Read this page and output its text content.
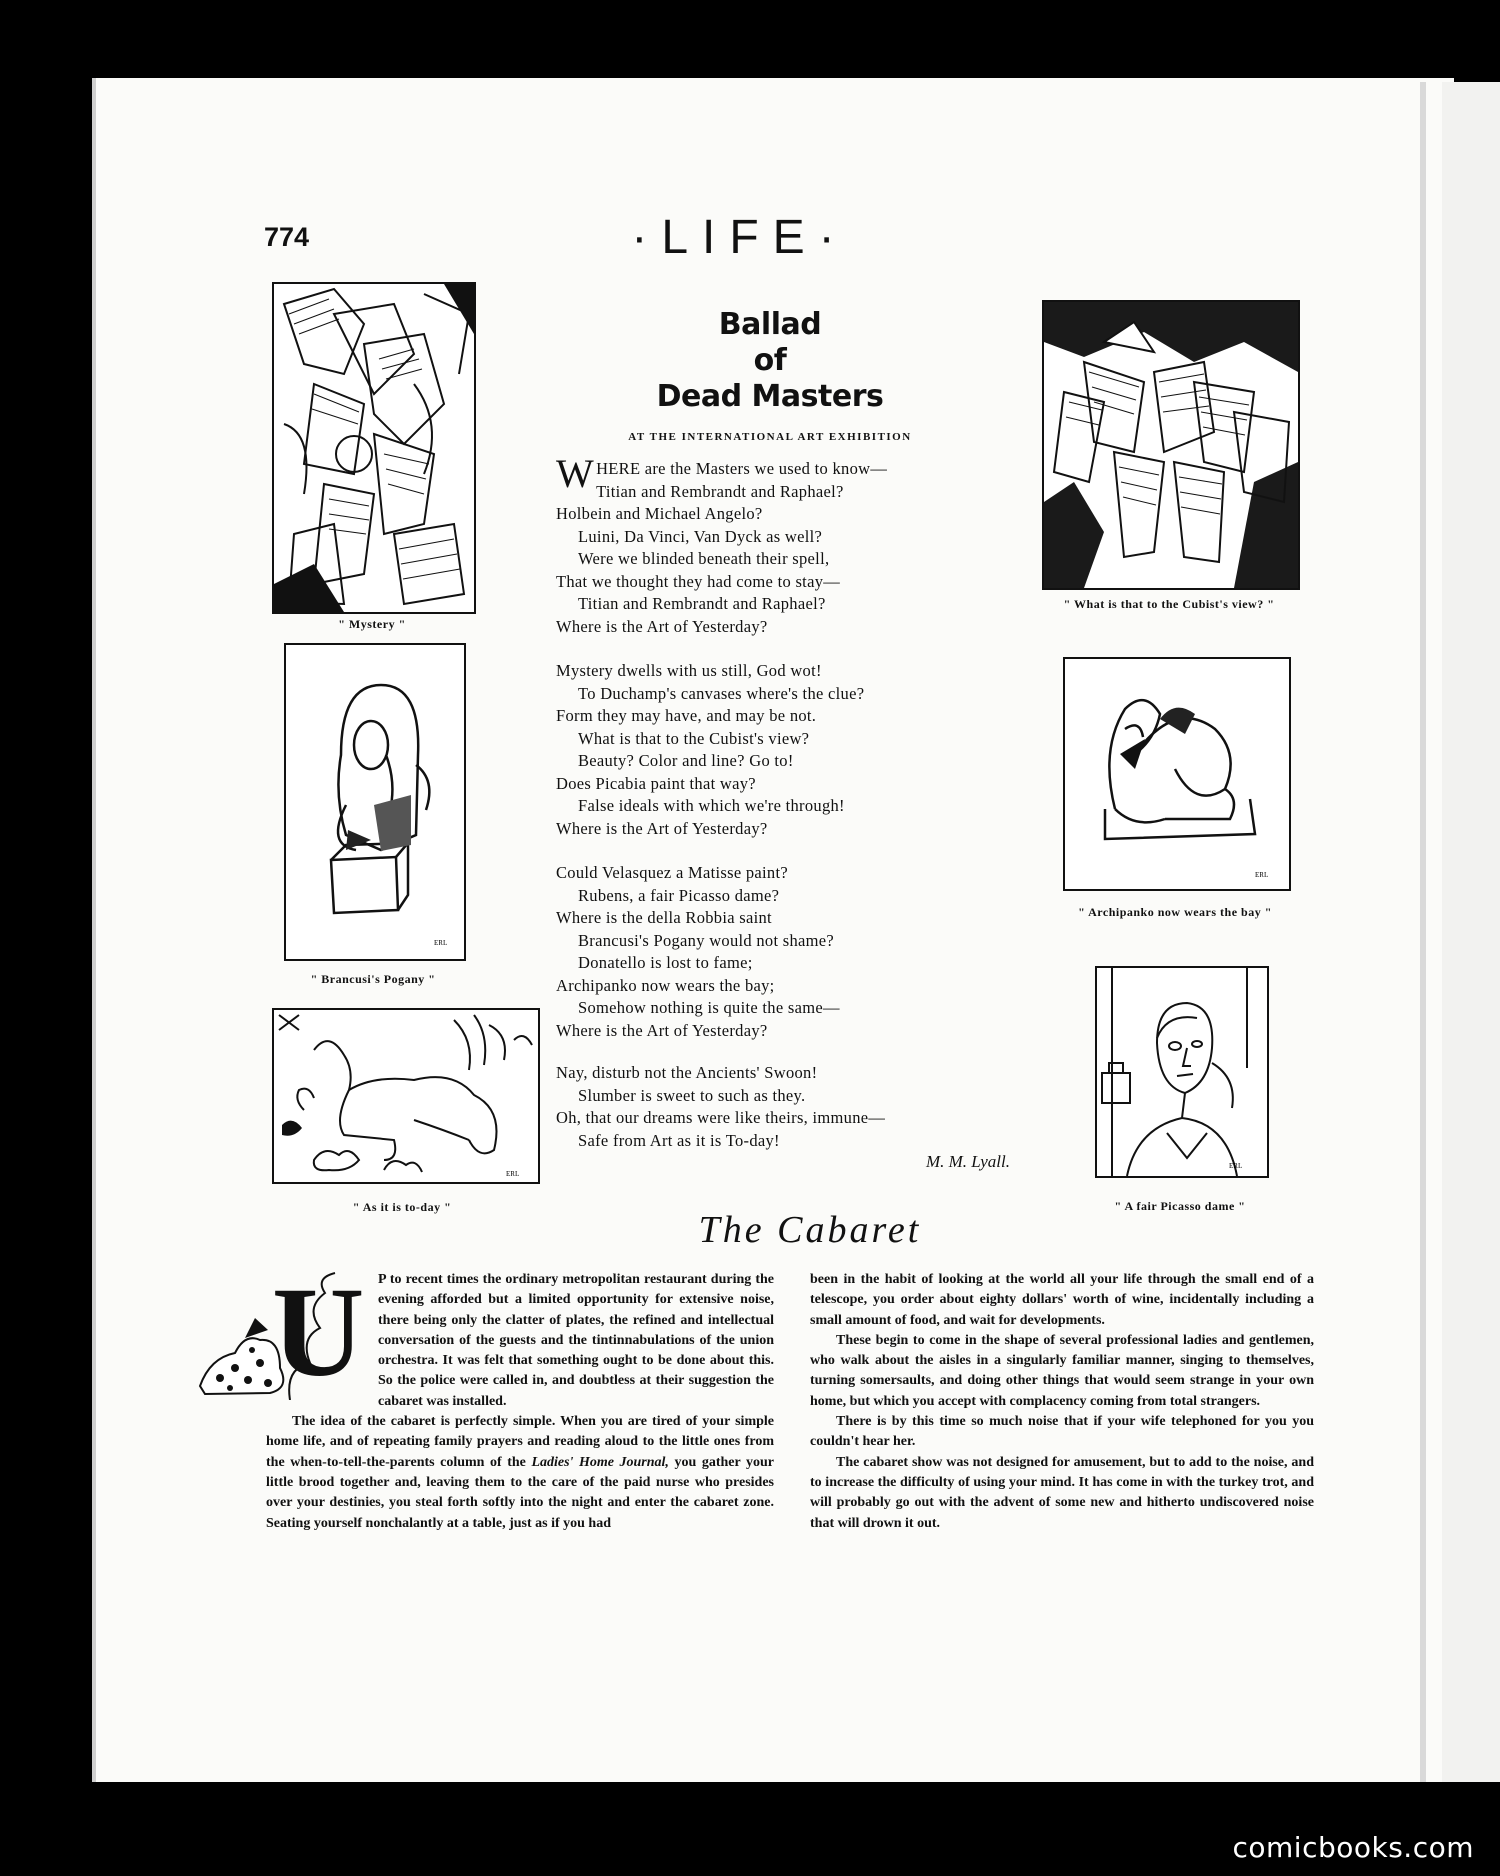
774	·LIFE·
Ballad
of
Dead Masters
AT THE INTERNATIONAL ART EXHIBITION
WHERE are the Masters we used to know—
Titian and Rembrandt and Raphael?
Holbein and Michael Angelo?
Luini, Da Vinci, Van Dyck as well?
Were we blinded beneath their spell,
That we thought they had come to stay—
Titian and Rembrandt and Raphael?
Where is the Art of Yesterday?
Mystery dwells with us still, God wot!
To Duchamp's canvases where's the clue?
Form they may have, and may be not.
What is that to the Cubist's view?
Beauty? Color and line? Go to!
Does Picabia paint that way?
False ideals with which we're through!
Where is the Art of Yesterday?
Could Velasquez a Matisse paint?
Rubens, a fair Picasso dame?
Where is the della Robbia saint
Brancusi's Pogany would not shame?
Donatello is lost to fame;
Archipanko now wears the bay;
Somehow nothing is quite the same—
Where is the Art of Yesterday?
Nay, disturb not the Ancients' Swoon!
Slumber is sweet to such as they.
Oh, that our dreams were like theirs, immune—
Safe from Art as it is To-day!
M. M. Lyall.
" Mystery "
ERL
" Brancusi's Pogany "
ERL
" As it is to-day "
" What is that to the Cubist's view? "
ERL
" Archipanko now wears the bay "
ERL
" A fair Picasso dame "
The Cabaret
U P to recent times the ordinary metropolitan restaurant during the evening afforded but a limited opportunity for extensive noise, there being only the clatter of plates, the refined and intellectual conversation of the guests and the tintinnabulations of the union orchestra. It was felt that something ought to be done about this. So the police were called in, and doubtless at their suggestion the cabaret was installed.

The idea of the cabaret is perfectly simple. When you are tired of your simple home life, and of repeating family prayers and reading aloud to the little ones from the when-to-tell-the-parents column of the Ladies' Home Journal, you gather your little brood together and, leaving them to the care of the paid nurse who presides over your destinies, you steal forth softly into the night and enter the cabaret zone. Seating yourself nonchalantly at a table, just as if you had

been in the habit of looking at the world all your life through the small end of a telescope, you order about eighty dollars' worth of wine, incidentally including a small amount of food, and wait for developments.

These begin to come in the shape of several professional ladies and gentlemen, who walk about the aisles in a singularly familiar manner, singing to themselves, turning somersaults, and doing other things that would seem strange in your own home, but which you accept with complacency coming from total strangers.

There is by this time so much noise that if your wife telephoned for you you couldn't hear her.

The cabaret show was not designed for amusement, but to add to the noise, and to increase the difficulty of using your mind. It has come in with the turkey trot, and will probably go out with the advent of some new and hitherto undiscovered noise that will drown it out.

comicbooks.com
